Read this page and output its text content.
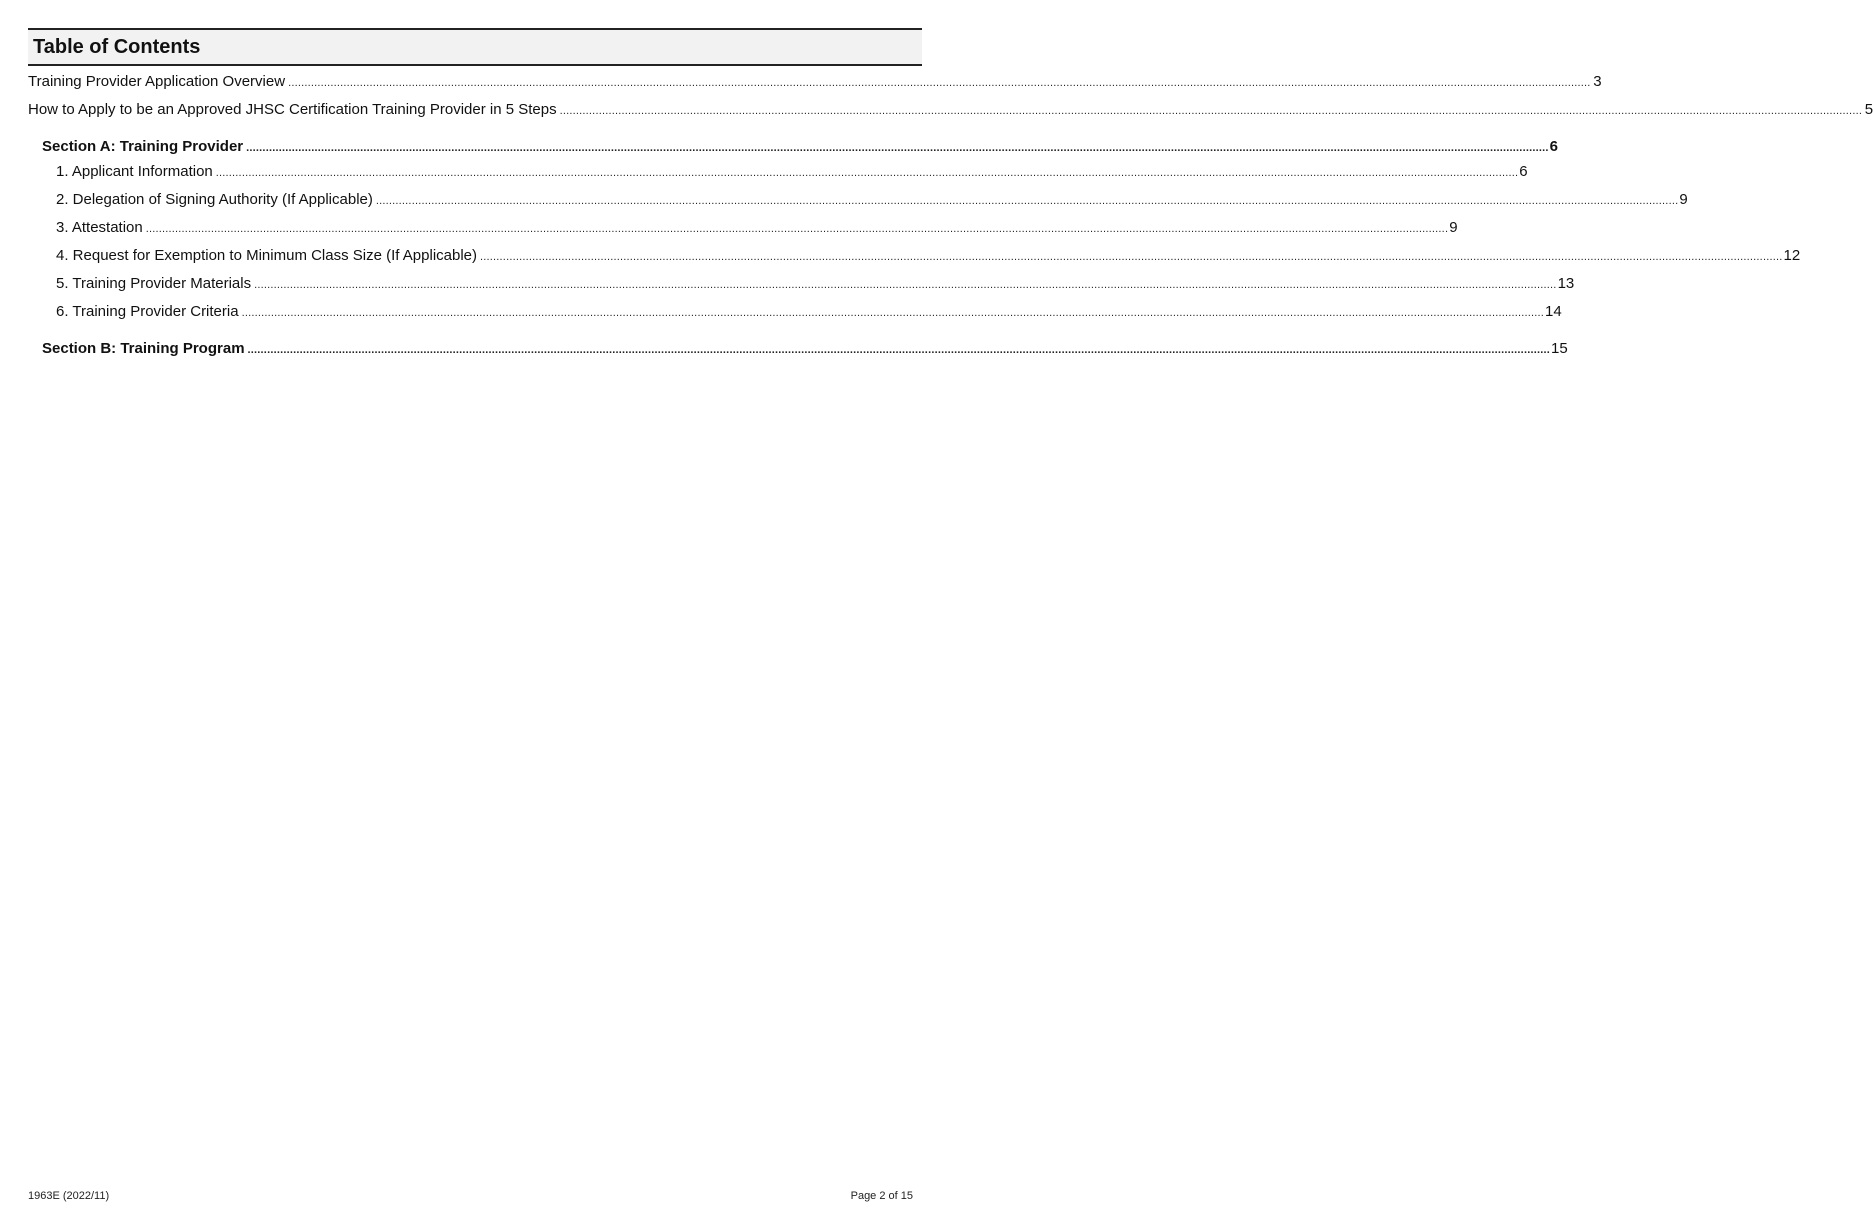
Table of Contents
Training Provider Application Overview ................................................................................................................................................................................................................................................................................................................................................................................................................ 3
How to Apply to be an Approved JHSC Certification Training Provider in 5 Steps ................................................................................................................................................................................................................................................................................................................................................................................................................ 5
Section A: Training Provider ................................................................................................................................................................................................................................................................................................................................................................................................................ 6
1. Applicant Information ................................................................................................................................................................................................................................................................................................................................................................................................................ 6
2. Delegation of Signing Authority (If Applicable) ................................................................................................................................................................................................................................................................................................................................................................................................................ 9
3. Attestation ................................................................................................................................................................................................................................................................................................................................................................................................................ 9
4. Request for Exemption to Minimum Class Size (If Applicable) ................................................................................................................................................................................................................................................................................................................................................................................................................ 12
5. Training Provider Materials ................................................................................................................................................................................................................................................................................................................................................................................................................ 13
6. Training Provider Criteria ................................................................................................................................................................................................................................................................................................................................................................................................................ 14
Section B: Training Program ................................................................................................................................................................................................................................................................................................................................................................................................................ 15
1963E (2022/11)	Page 2 of 15
